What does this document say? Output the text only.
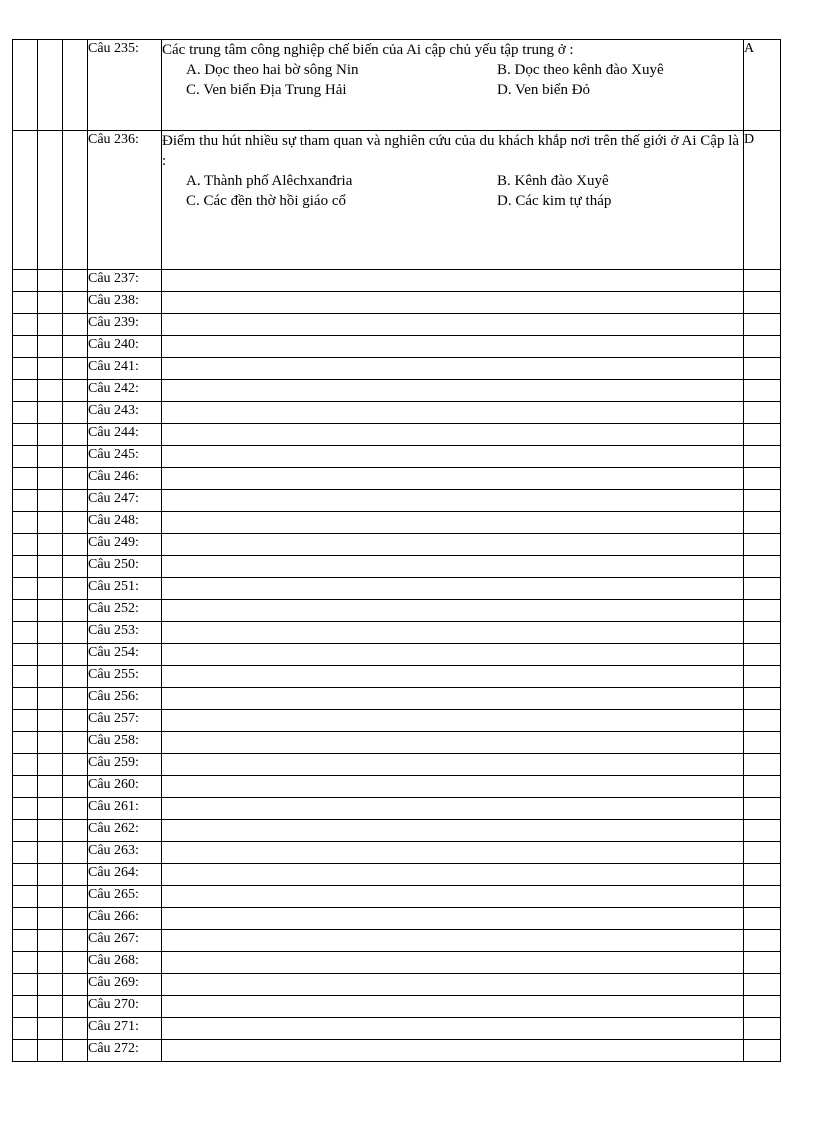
			Câu 235:	Các trung tâm công nghiệp chế biến của Ai cập chủ yếu tập trung ở :
A. Dọc theo hai bờ sông Nin B. Dọc theo kênh đào Xuyê
C. Ven biển Địa Trung Hải D. Ven biển Đỏ	A
			Câu 236:	Điểm thu hút nhiều sự tham quan và nghiên cứu của du khách khắp nơi trên thế giới ở Ai Cập là :
A. Thành phố Alêchxanđria B. Kênh đào Xuyê
C. Các đền thờ hồi giáo cổ D. Các kim tự tháp	D
			Câu 237:		
			Câu 238:		
			Câu 239:		
			Câu 240:		
			Câu 241:		
			Câu 242:		
			Câu 243:		
			Câu 244:		
			Câu 245:		
			Câu 246:		
			Câu 247:		
			Câu 248:		
			Câu 249:		
			Câu 250:		
			Câu 251:		
			Câu 252:		
			Câu 253:		
			Câu 254:		
			Câu 255:		
			Câu 256:		
			Câu 257:		
			Câu 258:		
			Câu 259:		
			Câu 260:		
			Câu 261:		
			Câu 262:		
			Câu 263:		
			Câu 264:		
			Câu 265:		
			Câu 266:		
			Câu 267:		
			Câu 268:		
			Câu 269:		
			Câu 270:		
			Câu 271:		
			Câu 272:		
